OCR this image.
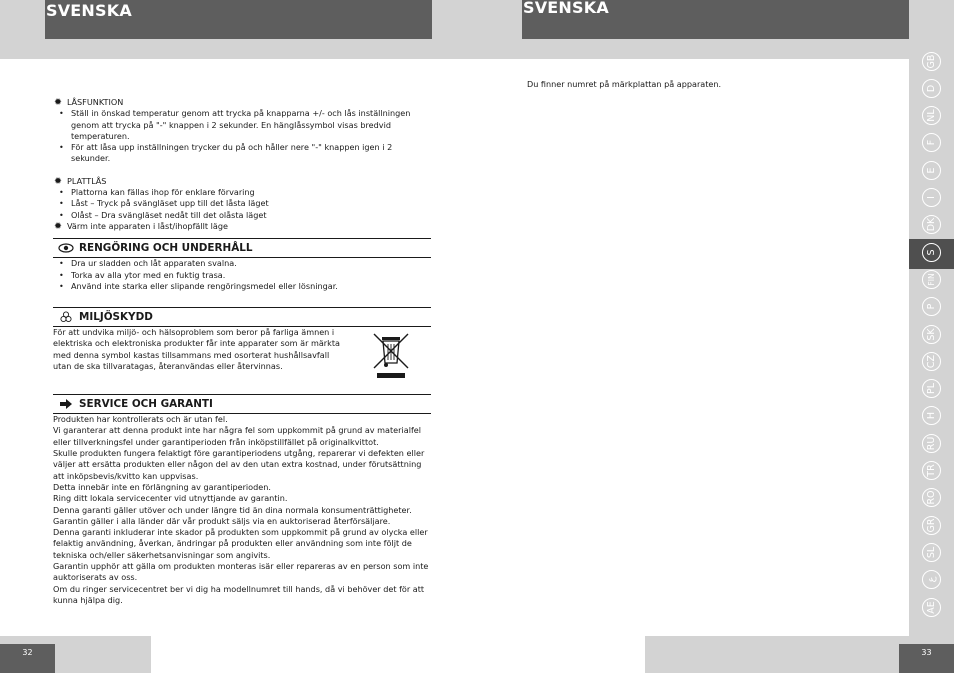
SVENSKA	SVENSKA
✹ LÅSFUNKTION
• Ställ in önskad temperatur genom att trycka på knapparna +/- och lås inställningen genom att trycka på "-" knappen i 2 sekunder. En hänglåssymbol visas bredvid temperaturen.
• För att låsa upp inställningen trycker du på och håller nere "-" knappen igen i 2 sekunder.
✹ PLATTLÅS
• Plattorna kan fällas ihop för enklare förvaring
• Låst – Tryck på svängläset upp till det låsta läget
• Olåst – Dra svängläset nedåt till det olåsta läget
✹ Värm inte apparaten i låst/ihopfällt läge
RENGÖRING OCH UNDERHÅLL
• Dra ur sladden och låt apparaten svalna.
• Torka av alla ytor med en fuktig trasa.
• Använd inte starka eller slipande rengöringsmedel eller lösningar.
MILJÖSKYDD
För att undvika miljö- och hälsoproblem som beror på farliga ämnen i elektriska och elektroniska produkter får inte apparater som är märkta med denna symbol kastas tillsammans med osorterat hushållsavfall utan de ska tillvaratagas, återanvändas eller återvinnas.
SERVICE OCH GARANTI

Produkten har kontrollerats och är utan fel.

Vi garanterar att denna produkt inte har några fel som uppkommit på grund av materialfel eller tillverkningsfel under garantiperioden från inköpstillfället på originalkvittot.

Skulle produkten fungera felaktigt före garantiperiodens utgång, reparerar vi defekten eller väljer att ersätta produkten eller någon del av den utan extra kostnad, under förutsättning att inköpsbevis/kvitto kan uppvisas.

Detta innebär inte en förlängning av garantiperioden.

Ring ditt lokala servicecenter vid utnyttjande av garantin.

Denna garanti gäller utöver och under längre tid än dina normala konsumenträttigheter.

Garantin gäller i alla länder där vår produkt säljs via en auktoriserad återförsäljare.

Denna garanti inkluderar inte skador på produkten som uppkommit på grund av olycka eller felaktig användning, åverkan, ändringar på produkten eller användning som inte följt de tekniska och/eller säkerhetsanvisningar som angivits.

Garantin upphör att gälla om produkten monteras isär eller repareras av en person som inte auktoriserats av oss.

Om du ringer servicecentret ber vi dig ha modellnumret till hands, då vi behöver det för att kunna hjälpa dig.

Du finner numret på märkplattan på apparaten.
GB
D
NL
F
E
I
DK
S
FIN
P
SK
CZ
PL
H
RU
TR
RO
GR
SL
ع
AE
32	33
